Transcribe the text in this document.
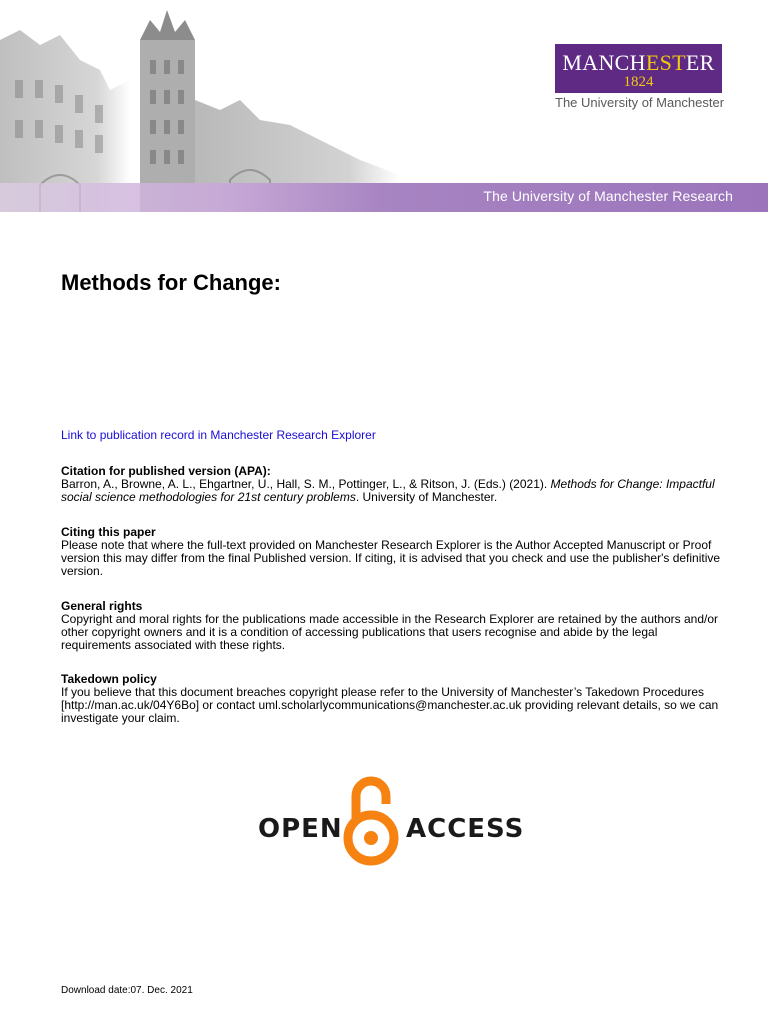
The University of Manchester Research
MANCHESTER
1824
The University of Manchester
Methods for Change:
Link to publication record in Manchester Research Explorer
Citation for published version (APA):
Barron, A., Browne, A. L., Ehgartner, U., Hall, S. M., Pottinger, L., & Ritson, J. (Eds.) (2021). Methods for Change: Impactful social science methodologies for 21st century problems. University of Manchester.
Citing this paper
Please note that where the full-text provided on Manchester Research Explorer is the Author Accepted Manuscript or Proof version this may differ from the final Published version. If citing, it is advised that you check and use the publisher's definitive version.
General rights
Copyright and moral rights for the publications made accessible in the Research Explorer are retained by the authors and/or other copyright owners and it is a condition of accessing publications that users recognise and abide by the legal requirements associated with these rights.
Takedown policy
If you believe that this document breaches copyright please refer to the University of Manchester’s Takedown Procedures [http://man.ac.uk/04Y6Bo] or contact uml.scholarlycommunications@manchester.ac.uk providing relevant details, so we can investigate your claim.
OPEN ACCESS
Download date:07. Dec. 2021
